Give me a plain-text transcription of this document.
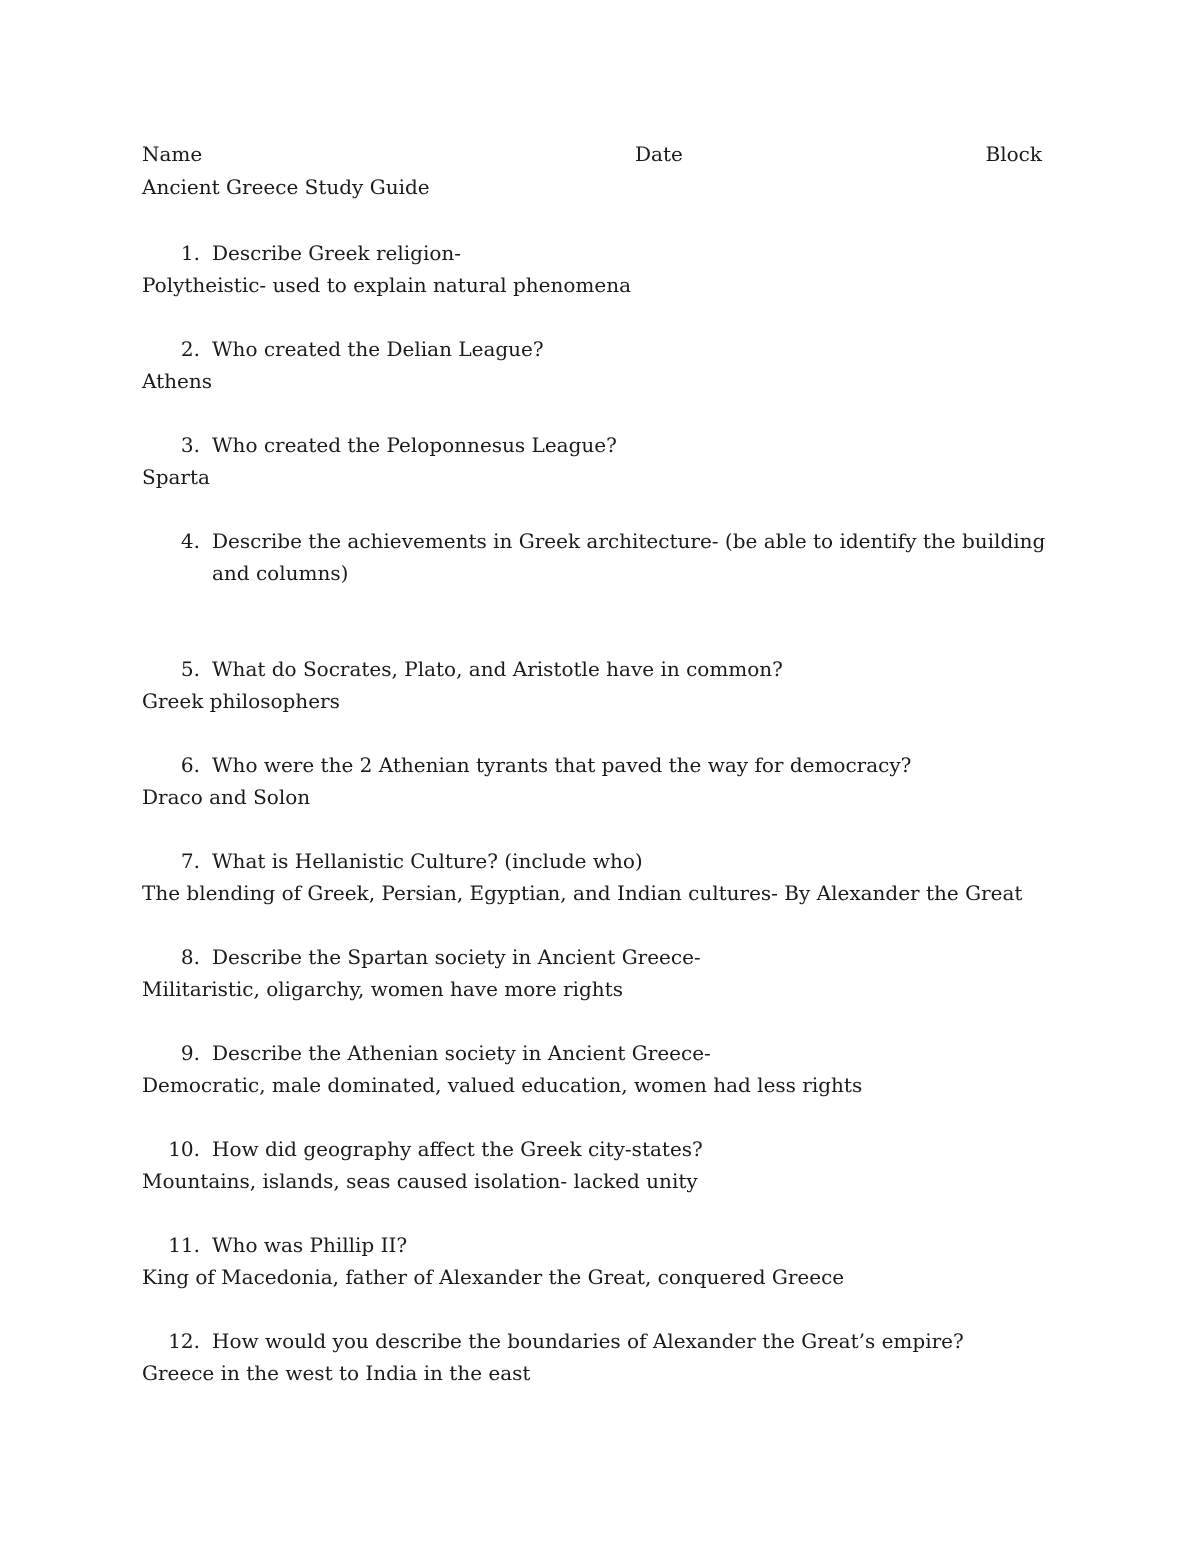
Name	Date	Block
Ancient Greece Study Guide
1. Describe Greek religion-
Polytheistic- used to explain natural phenomena
2. Who created the Delian League?
Athens
3. Who created the Peloponnesus League?
Sparta
4. Describe the achievements in Greek architecture- (be able to identify the building and columns)
5. What do Socrates, Plato, and Aristotle have in common?
Greek philosophers
6. Who were the 2 Athenian tyrants that paved the way for democracy?
Draco and Solon
7. What is Hellanistic Culture? (include who)
The blending of Greek, Persian, Egyptian, and Indian cultures- By Alexander the Great
8. Describe the Spartan society in Ancient Greece-
Militaristic, oligarchy, women have more rights
9. Describe the Athenian society in Ancient Greece-
Democratic, male dominated, valued education, women had less rights
10. How did geography affect the Greek city-states?
Mountains, islands, seas caused isolation- lacked unity
11. Who was Phillip II?
King of Macedonia, father of Alexander the Great, conquered Greece
12. How would you describe the boundaries of Alexander the Great’s empire?
Greece in the west to India in the east
